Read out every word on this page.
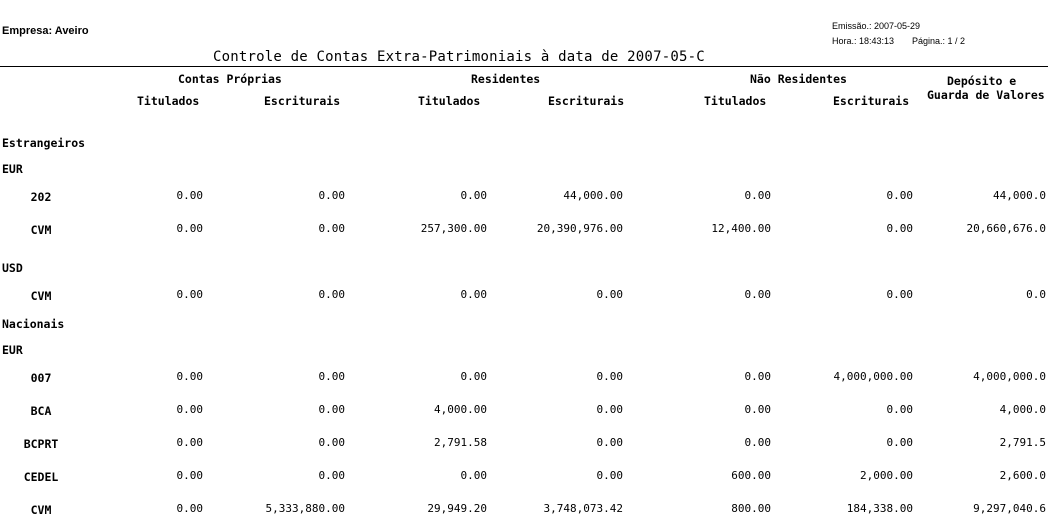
Empresa: Aveiro	Emissão.: 2007-05-29
Hora.: 18:43:13 Página.: 1 / 2
Controle de Contas Extra-Patrimoniais à data de 2007-05-C
Contas Próprias	Residentes	Não Residentes	Depósito e
Guarda de Valores
Titulados	Escriturais	Titulados	Escriturais	Titulados	Escriturais
Estrangeiros
EUR
202	0.00	0.00	0.00	44,000.00	0.00	0.00	44,000.0
CVM	0.00	0.00	257,300.00	20,390,976.00	12,400.00	0.00	20,660,676.0
USD
CVM	0.00	0.00	0.00	0.00	0.00	0.00	0.0
Nacionais
EUR
007	0.00	0.00	0.00	0.00	0.00	4,000,000.00	4,000,000.0
BCA	0.00	0.00	4,000.00	0.00	0.00	0.00	4,000.0
BCPRT	0.00	0.00	2,791.58	0.00	0.00	0.00	2,791.5
CEDEL	0.00	0.00	0.00	0.00	600.00	2,000.00	2,600.0
CVM	0.00	5,333,880.00	29,949.20	3,748,073.42	800.00	184,338.00	9,297,040.6
